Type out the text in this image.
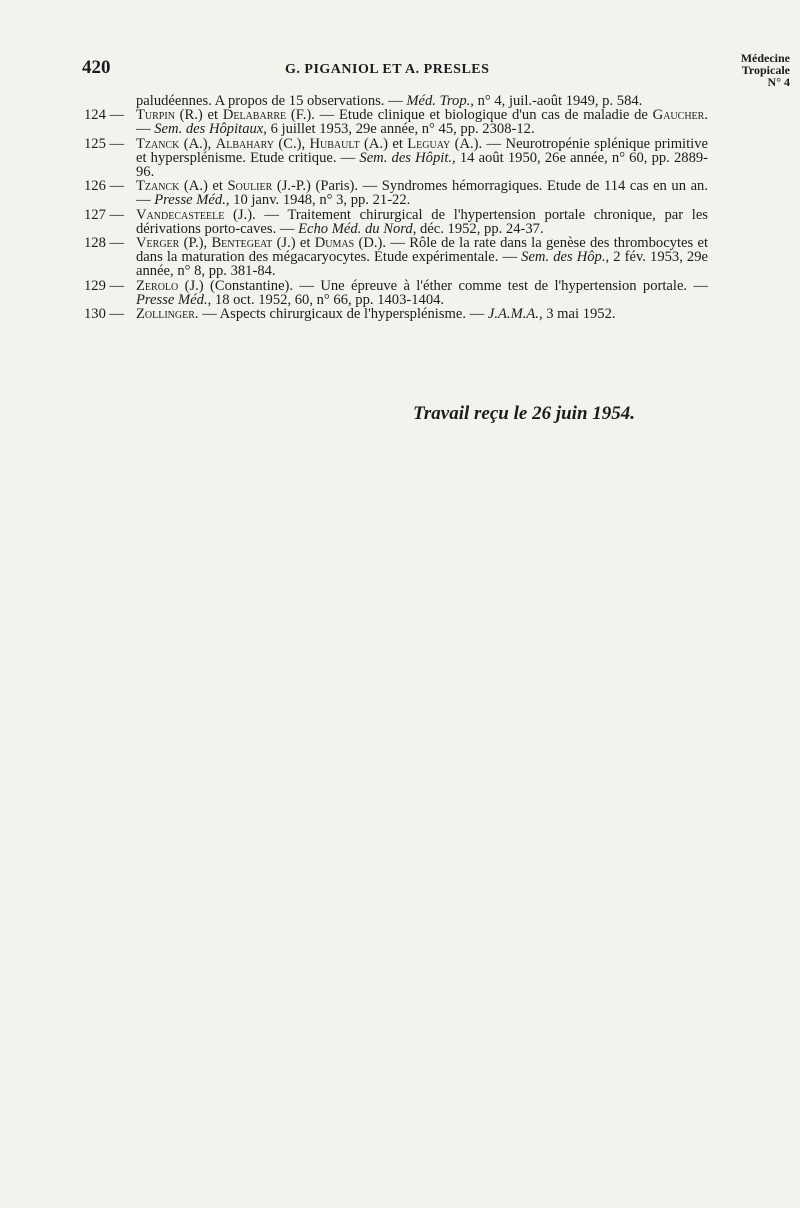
420	G. PIGANIOL ET A. PRESLES
Médecine
Tropicale
N° 4
paludéennes. A propos de 15 observations. — Méd. Trop., n° 4, juil.-août 1949, p. 584.
124 — Turpin (R.) et Delabarre (F.). — Etude clinique et biologique d'un cas de maladie de Gaucher. — Sem. des Hôpitaux, 6 juillet 1953, 29e année, n° 45, pp. 2308-12.
125 — Tzanck (A.), Albahary (C.), Hubault (A.) et Leguay (A.). — Neurotropénie splénique primitive et hypersplénisme. Etude critique. — Sem. des Hôpit., 14 août 1950, 26e année, n° 60, pp. 2889-96.
126 — Tzanck (A.) et Soulier (J.-P.) (Paris). — Syndromes hémorragiques. Etude de 114 cas en un an. — Presse Méd., 10 janv. 1948, n° 3, pp. 21-22.
127 — Vandecasteele (J.). — Traitement chirurgical de l'hypertension portale chronique, par les dérivations porto-caves. — Echo Méd. du Nord, déc. 1952, pp. 24-37.
128 — Verger (P.), Bentegeat (J.) et Dumas (D.). — Rôle de la rate dans la genèse des thrombocytes et dans la maturation des mégacaryocytes. Etude expérimentale. — Sem. des Hôp., 2 fév. 1953, 29e année, n° 8, pp. 381-84.
129 — Zerolo (J.) (Constantine). — Une épreuve à l'éther comme test de l'hypertension portale. — Presse Méd., 18 oct. 1952, 60, n° 66, pp. 1403-1404.
130 — Zollinger. — Aspects chirurgicaux de l'hypersplénisme. — J.A.M.A., 3 mai 1952.
Travail reçu le 26 juin 1954.
